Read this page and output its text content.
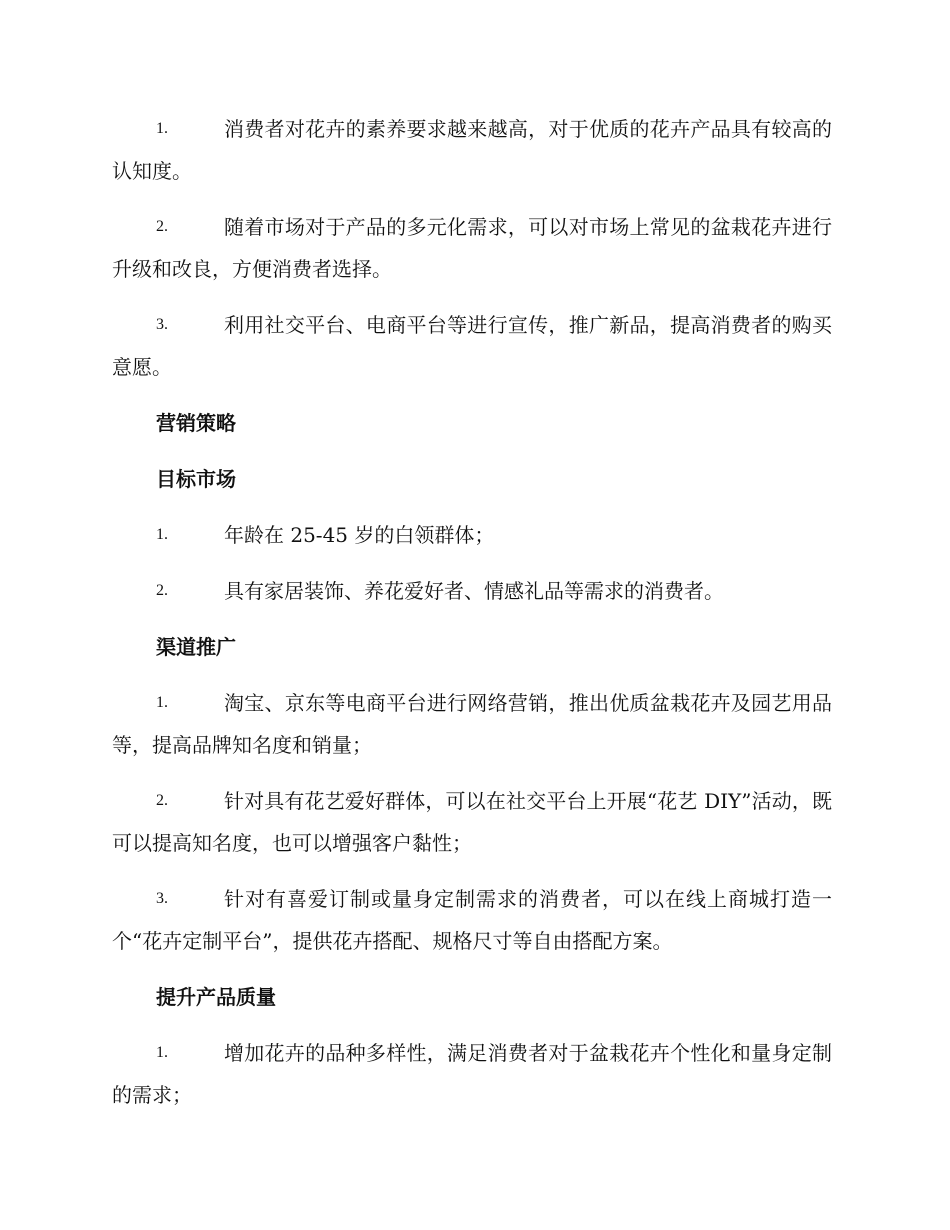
1.	消费者对花卉的素养要求越来越高，对于优质的花卉产品具有较高的认知度。

2.	随着市场对于产品的多元化需求，可以对市场上常见的盆栽花卉进行升级和改良，方便消费者选择。

3.	利用社交平台、电商平台等进行宣传，推广新品，提高消费者的购买意愿。

营销策略
目标市场

1.	年龄在 25-45 岁的白领群体；

2.	具有家居装饰、养花爱好者、情感礼品等需求的消费者。

渠道推广

1.	淘宝、京东等电商平台进行网络营销，推出优质盆栽花卉及园艺用品等，提高品牌知名度和销量；

2.	针对具有花艺爱好群体，可以在社交平台上开展“花艺 DIY”活动，既可以提高知名度，也可以增强客户黏性；

3.	针对有喜爱订制或量身定制需求的消费者，可以在线上商城打造一个“花卉定制平台”，提供花卉搭配、规格尺寸等自由搭配方案。

提升产品质量

1.	增加花卉的品种多样性，满足消费者对于盆栽花卉个性化和量身定制的需求；
